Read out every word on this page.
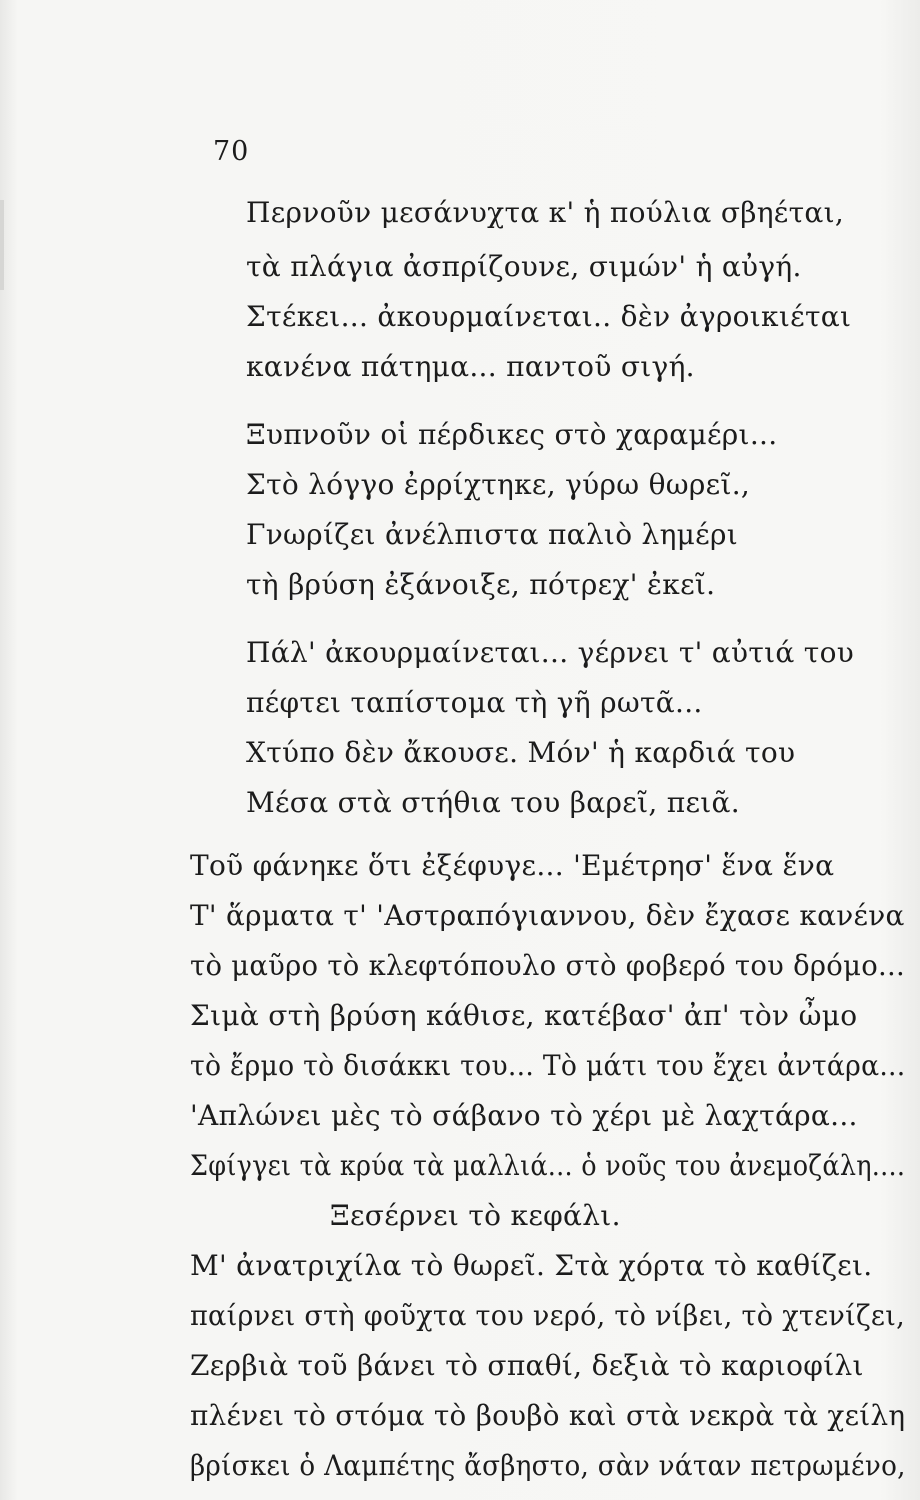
70
Περνοῦν μεσάνυχτα κ' ἡ πούλια σβηέται,
τὰ πλάγια ἀσπρίζουνε, σιμών' ἡ αὐγή.
Στέκει... ἀκουρμαίνεται.. δὲν ἀγροικιέται
κανένα πάτημα... παντοῦ σιγή.
Ξυπνοῦν οἱ πέρδικες στὸ χαραμέρι...
Στὸ λόγγο ἐρρίχτηκε, γύρω θωρεῖ.,
Γνωρίζει ἀνέλπιστα παλιὸ λημέρι
τὴ βρύση ἐξάνοιξε, πότρεχ' ἐκεῖ.
Πάλ' ἀκουρμαίνεται... γέρνει τ' αὐτιά του
πέφτει ταπίστομα τὴ γῆ ρωτᾶ...
Χτύπο δὲν ἄκουσε. Μόν' ἡ καρδιά του
Μέσα στὰ στήθια του βαρεῖ, πειᾶ.
Τοῦ φάνηκε ὅτι ἐξέφυγε... 'Εμέτρησ' ἕνα ἕνα
Τ' ἅρματα τ' 'Αστραπόγιαννου, δὲν ἔχασε κανένα
τὸ μαῦρο τὸ κλεφτόπουλο στὸ φοβερό του δρόμο...
Σιμὰ στὴ βρύση κάθισε, κατέβασ' ἀπ' τὸν ὦμο
τὸ ἔρμο τὸ δισάκκι του... Τὸ μάτι του ἔχει ἀντάρα...
'Απλώνει μὲς τὸ σάβανο τὸ χέρι μὲ λαχτάρα...
Σφίγγει τὰ κρύα τὰ μαλλιά... ὁ νοῦς του ἀνεμοζάλη....
Ξεσέρνει τὸ κεφάλι.
Μ' ἀνατριχίλα τὸ θωρεῖ. Στὰ χόρτα τὸ καθίζει.
παίρνει στὴ φοῦχτα του νερό, τὸ νίβει, τὸ χτενίζει,
Ζερβιὰ τοῦ βάνει τὸ σπαθί, δεξιὰ τὸ καριοφίλι
πλένει τὸ στόμα τὸ βουβὸ καὶ στὰ νεκρὰ τὰ χείλη
βρίσκει ὁ Λαμπέτης ἄσβηστο, σὰν νάταν πετρωμένο,
